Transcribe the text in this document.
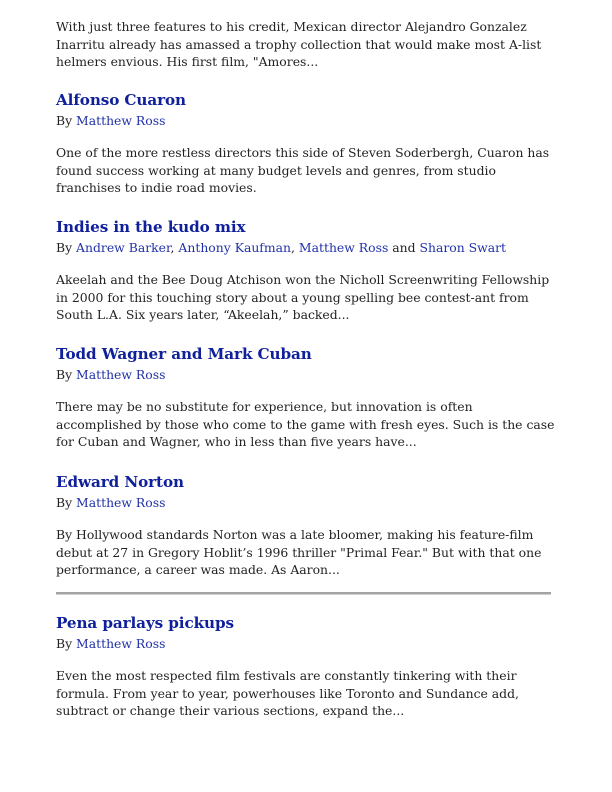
With just three features to his credit, Mexican director Alejandro Gonzalez Inarritu already has amassed a trophy collection that would make most A-list helmers envious. His first film, "Amores...
Alfonso Cuaron
By Matthew Ross
One of the more restless directors this side of Steven Soderbergh, Cuaron has found success working at many budget levels and genres, from studio franchises to indie road movies.
Indies in the kudo mix
By Andrew Barker, Anthony Kaufman, Matthew Ross and Sharon Swart
Akeelah and the Bee Doug Atchison won the Nicholl Screenwriting Fellowship in 2000 for this touching story about a young spelling bee contest-ant from South L.A. Six years later, “Akeelah,” backed...
Todd Wagner and Mark Cuban
By Matthew Ross
There may be no substitute for experience, but innovation is often accomplished by those who come to the game with fresh eyes. Such is the case for Cuban and Wagner, who in less than five years have...
Edward Norton
By Matthew Ross
By Hollywood standards Norton was a late bloomer, making his feature-film debut at 27 in Gregory Hoblit’s 1996 thriller "Primal Fear." But with that one performance, a career was made. As Aaron...
Pena parlays pickups
By Matthew Ross
Even the most respected film festivals are constantly tinkering with their formula. From year to year, powerhouses like Toronto and Sundance add, subtract or change their various sections, expand the...
